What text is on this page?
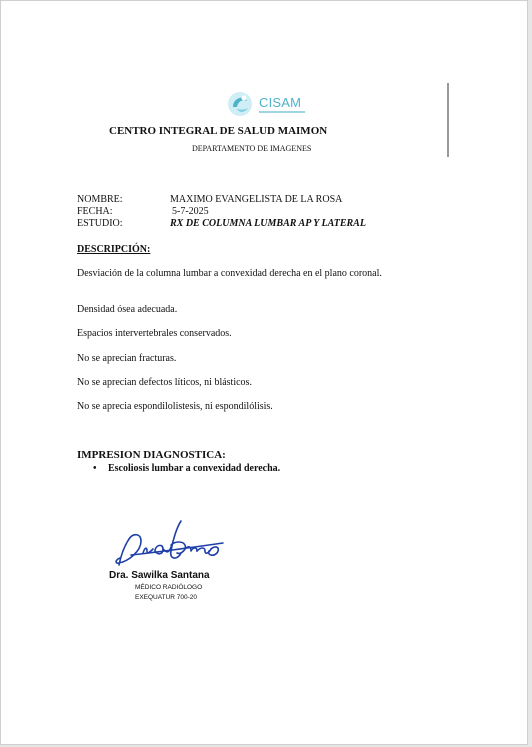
CISAM
CENTRO INTEGRAL DE SALUD MAIMON
DEPARTAMENTO DE IMAGENES
NOMBRE:	MAXIMO EVANGELISTA DE LA ROSA
FECHA:	5-7-2025
ESTUDIO:	RX DE COLUMNA LUMBAR AP Y LATERAL
DESCRIPCIÓN:
Desviación de la columna lumbar a convexidad derecha en el plano coronal.
Densidad ósea adecuada.
Espacios intervertebrales conservados.
No se aprecian fracturas.
No se aprecian defectos líticos, ni blásticos.
No se aprecia espondilolistesis, ni espondilólisis.
IMPRESION DIAGNOSTICA:
• Escoliosis lumbar a convexidad derecha.
Dra. Sawilka Santana
MÉDICO RADIÓLOGO
EXEQUATUR 700-20
